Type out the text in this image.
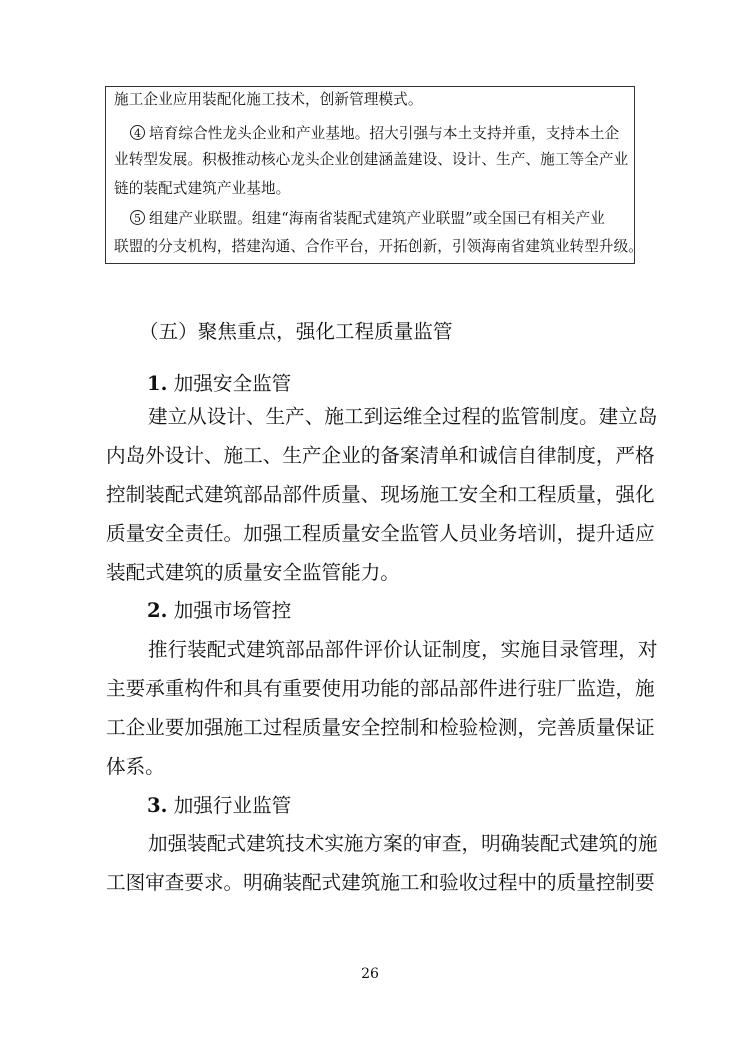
施工企业应用装配化施工技术，创新管理模式。
4 培育综合性龙头企业和产业基地。招大引强与本土支持并重，支持本土企
业转型发展。积极推动核心龙头企业创建涵盖建设、设计、生产、施工等全产业
链的装配式建筑产业基地。
5 组建产业联盟。组建“海南省装配式建筑产业联盟”或全国已有相关产业
联盟的分支机构，搭建沟通、合作平台，开拓创新，引领海南省建筑业转型升级。
（五）聚焦重点，强化工程质量监管
1. 加强安全监管
建立从设计、生产、施工到运维全过程的监管制度。建立岛
内岛外设计、施工、生产企业的备案清单和诚信自律制度，严格
控制装配式建筑部品部件质量、现场施工安全和工程质量，强化
质量安全责任。加强工程质量安全监管人员业务培训，提升适应
装配式建筑的质量安全监管能力。
2. 加强市场管控
推行装配式建筑部品部件评价认证制度，实施目录管理，对
主要承重构件和具有重要使用功能的部品部件进行驻厂监造，施
工企业要加强施工过程质量安全控制和检验检测，完善质量保证
体系。
3. 加强行业监管
加强装配式建筑技术实施方案的审查，明确装配式建筑的施
工图审查要求。明确装配式建筑施工和验收过程中的质量控制要
26
